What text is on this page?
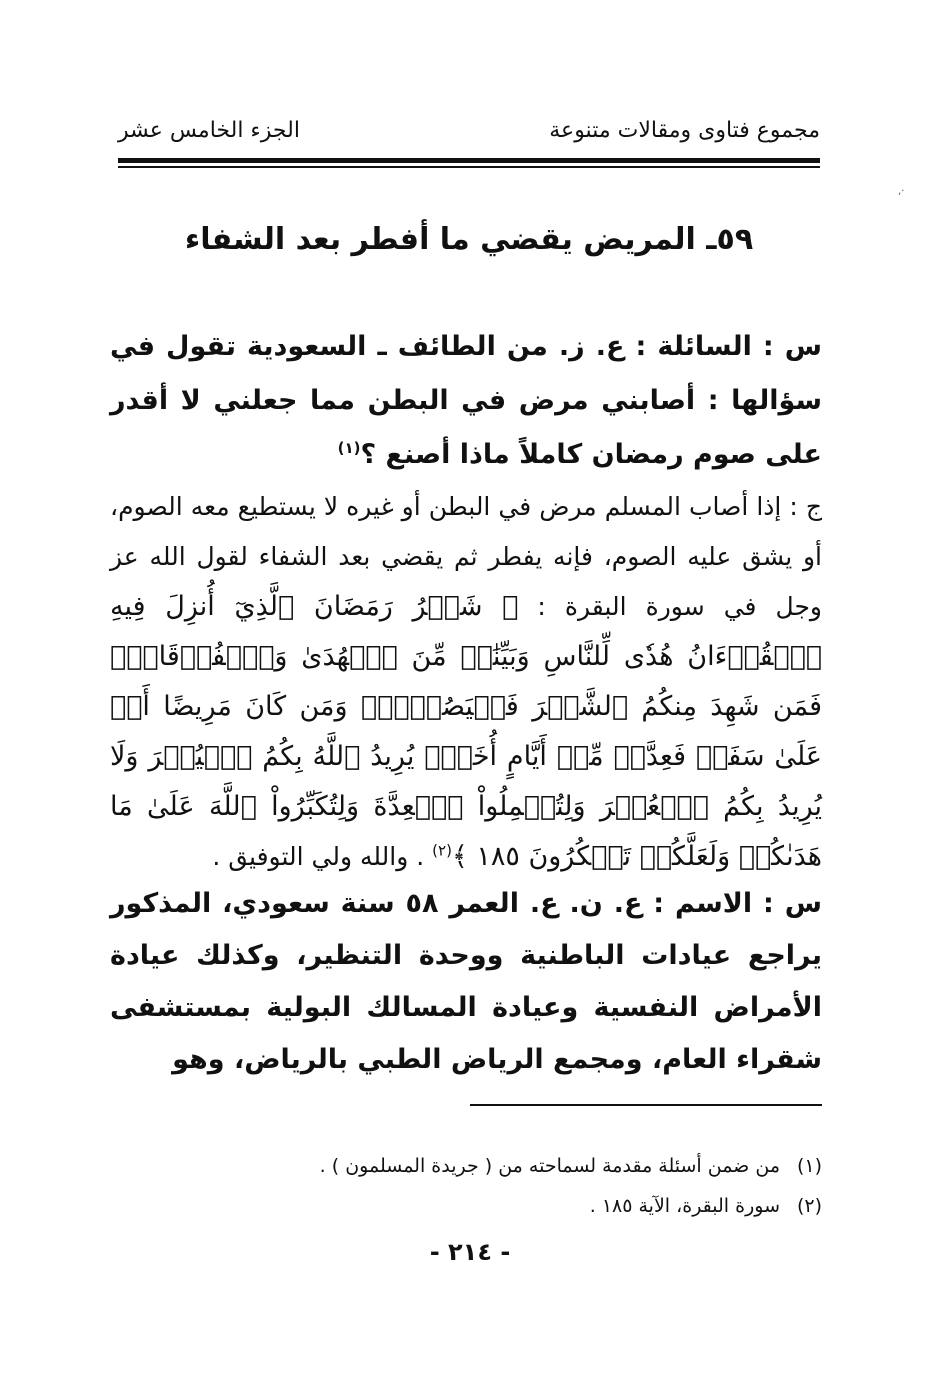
مجموع فتاوى ومقالات متنوعة
الجزء الخامس عشر
·,
٥٩ـ المريض يقضي ما أفطر بعد الشفاء
س : السائلة : ع. ز. من الطائف ـ السعودية تقول في سؤالها : أصابني مرض في البطن مما جعلني لا أقدر على صوم رمضان كاملاً ماذا أصنع ؟$^{(١)}$
ج : إذا أصاب المسلم مرض في البطن أو غيره لا يستطيع معه الصوم، أو يشق عليه الصوم، فإنه يفطر ثم يقضي بعد الشفاء لقول الله عز وجل في سورة البقرة : ﴿ شَهۡرُ رَمَضَانَ ٱلَّذِيٓ أُنزِلَ فِيهِ ٱلۡقُرۡءَانُ هُدٗى لِّلنَّاسِ وَبَيِّنَٰتٖ مِّنَ ٱلۡهُدَىٰ وَٱلۡفُرۡقَانِۚ فَمَن شَهِدَ مِنكُمُ ٱلشَّهۡرَ فَلۡيَصُمۡهُۖ وَمَن كَانَ مَرِيضًا أَوۡ عَلَىٰ سَفَرٖ فَعِدَّةٞ مِّنۡ أَيَّامٍ أُخَرَۗ يُرِيدُ ٱللَّهُ بِكُمُ ٱلۡيُسۡرَ وَلَا يُرِيدُ بِكُمُ ٱلۡعُسۡرَ وَلِتُكۡمِلُواْ ٱلۡعِدَّةَ وَلِتُكَبِّرُواْ ٱللَّهَ عَلَىٰ مَا هَدَىٰكُمۡ وَلَعَلَّكُمۡ تَشۡكُرُونَ ١٨٥ ﴾$^{(٢)}$ . والله ولي التوفيق .
س : الاسم : ع. ن. ع. العمر ٥٨ سنة سعودي، المذكور يراجع عيادات الباطنية ووحدة التنظير، وكذلك عيادة الأمراض النفسية وعيادة المسالك البولية بمستشفى شقراء العام، ومجمع الرياض الطبي بالرياض، وهو
(١)من ضمن أسئلة مقدمة لسماحته من ( جريدة المسلمون ) .
(٢)سورة البقرة، الآية ١٨٥ .
- ٢١٤ -
